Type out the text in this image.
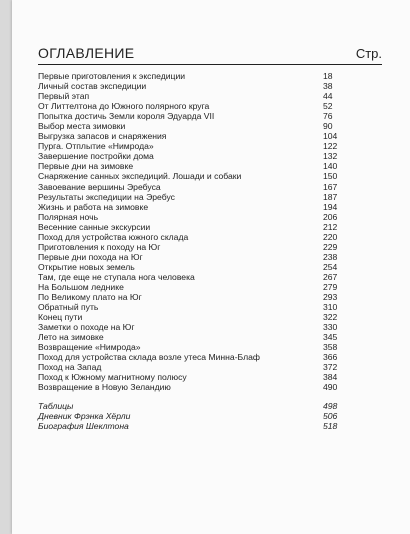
ОГЛАВЛЕНИЕ	Стр.
Первые приготовления к экспедиции	18
Личный состав экспедиции	38
Первый этап	44
От Литтелтона до Южного полярного круга	52
Попытка достичь Земли короля Эдуарда VII	76
Выбор места зимовки	90
Выгрузка запасов и снаряжения	104
Пурга. Отплытие «Нимрода»	122
Завершение постройки дома	132
Первые дни на зимовке	140
Снаряжение санных экспедиций. Лошади и собаки	150
Завоевание вершины Эребуса	167
Результаты экспедиции на Эребус	187
Жизнь и работа на зимовке	194
Полярная ночь	206
Весенние санные экскурсии	212
Поход для устройства южного склада	220
Приготовления к походу на Юг	229
Первые дни похода на Юг	238
Открытие новых земель	254
Там, где еще не ступала нога человека	267
На Большом леднике	279
По Великому плато на Юг	293
Обратный путь	310
Конец пути	322
Заметки о походе на Юг	330
Лето на зимовке	345
Возвращение «Нимрода»	358
Поход для устройства склада возле утеса Минна-Блаф	366
Поход на Запад	372
Поход к Южному магнитному полюсу	384
Возвращение в Новую Зеландию	490
Таблицы	498
Дневник Фрэнка Хёрли	506
Биография Шеклтона	518
